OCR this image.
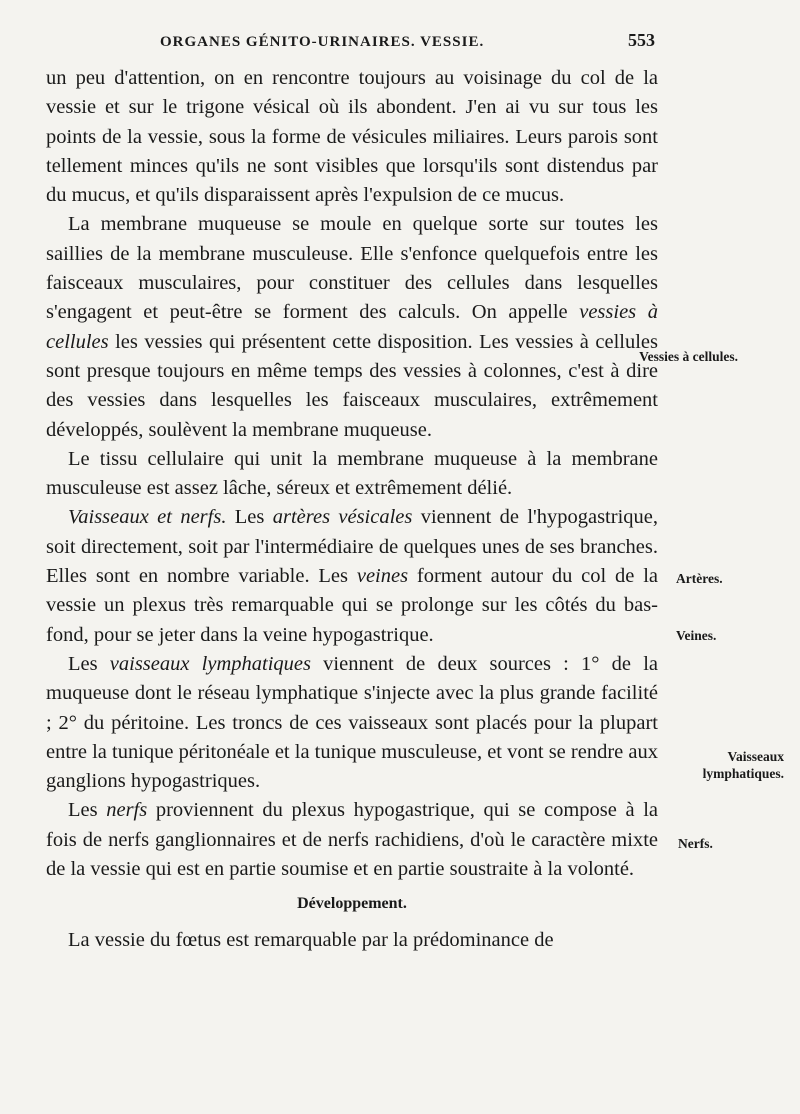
ORGANES GÉNITO-URINAIRES. VESSIE.	553

un peu d'attention, on en rencontre toujours au voisinage du col de la vessie et sur le trigone vésical où ils abondent. J'en ai vu sur tous les points de la vessie, sous la forme de vésicules miliaires. Leurs parois sont tellement minces qu'ils ne sont visibles que lorsqu'ils sont distendus par du mucus, et qu'ils disparaissent après l'expulsion de ce mucus.

La membrane muqueuse se moule en quelque sorte sur toutes les saillies de la membrane musculeuse. Elle s'enfonce quelquefois entre les faisceaux musculaires, pour constituer des cellules dans lesquelles s'engagent et peut-être se forment des calculs. On appelle vessies à cellules les vessies qui présentent cette disposition. Les vessies à cellules sont presque toujours en même temps des vessies à colonnes, c'est à dire des vessies dans lesquelles les faisceaux musculaires, extrêmement développés, soulèvent la membrane muqueuse.

Le tissu cellulaire qui unit la membrane muqueuse à la membrane musculeuse est assez lâche, séreux et extrêmement délié.

Vaisseaux et nerfs. Les artères vésicales viennent de l'hypogastrique, soit directement, soit par l'intermédiaire de quelques unes de ses branches. Elles sont en nombre variable. Les veines forment autour du col de la vessie un plexus très remarquable qui se prolonge sur les côtés du bas-fond, pour se jeter dans la veine hypogastrique.

Les vaisseaux lymphatiques viennent de deux sources : 1° de la muqueuse dont le réseau lymphatique s'injecte avec la plus grande facilité ; 2° du péritoine. Les troncs de ces vaisseaux sont placés pour la plupart entre la tunique péritonéale et la tunique musculeuse, et vont se rendre aux ganglions hypogastriques.

Les nerfs proviennent du plexus hypogastrique, qui se compose à la fois de nerfs ganglionnaires et de nerfs rachidiens, d'où le caractère mixte de la vessie qui est en partie soumise et en partie soustraite à la volonté.

Développement.

La vessie du fœtus est remarquable par la prédominance de

Vessies à cellules.
Artères.
Veines.
Vaisseaux lymphatiques.
Nerfs.
